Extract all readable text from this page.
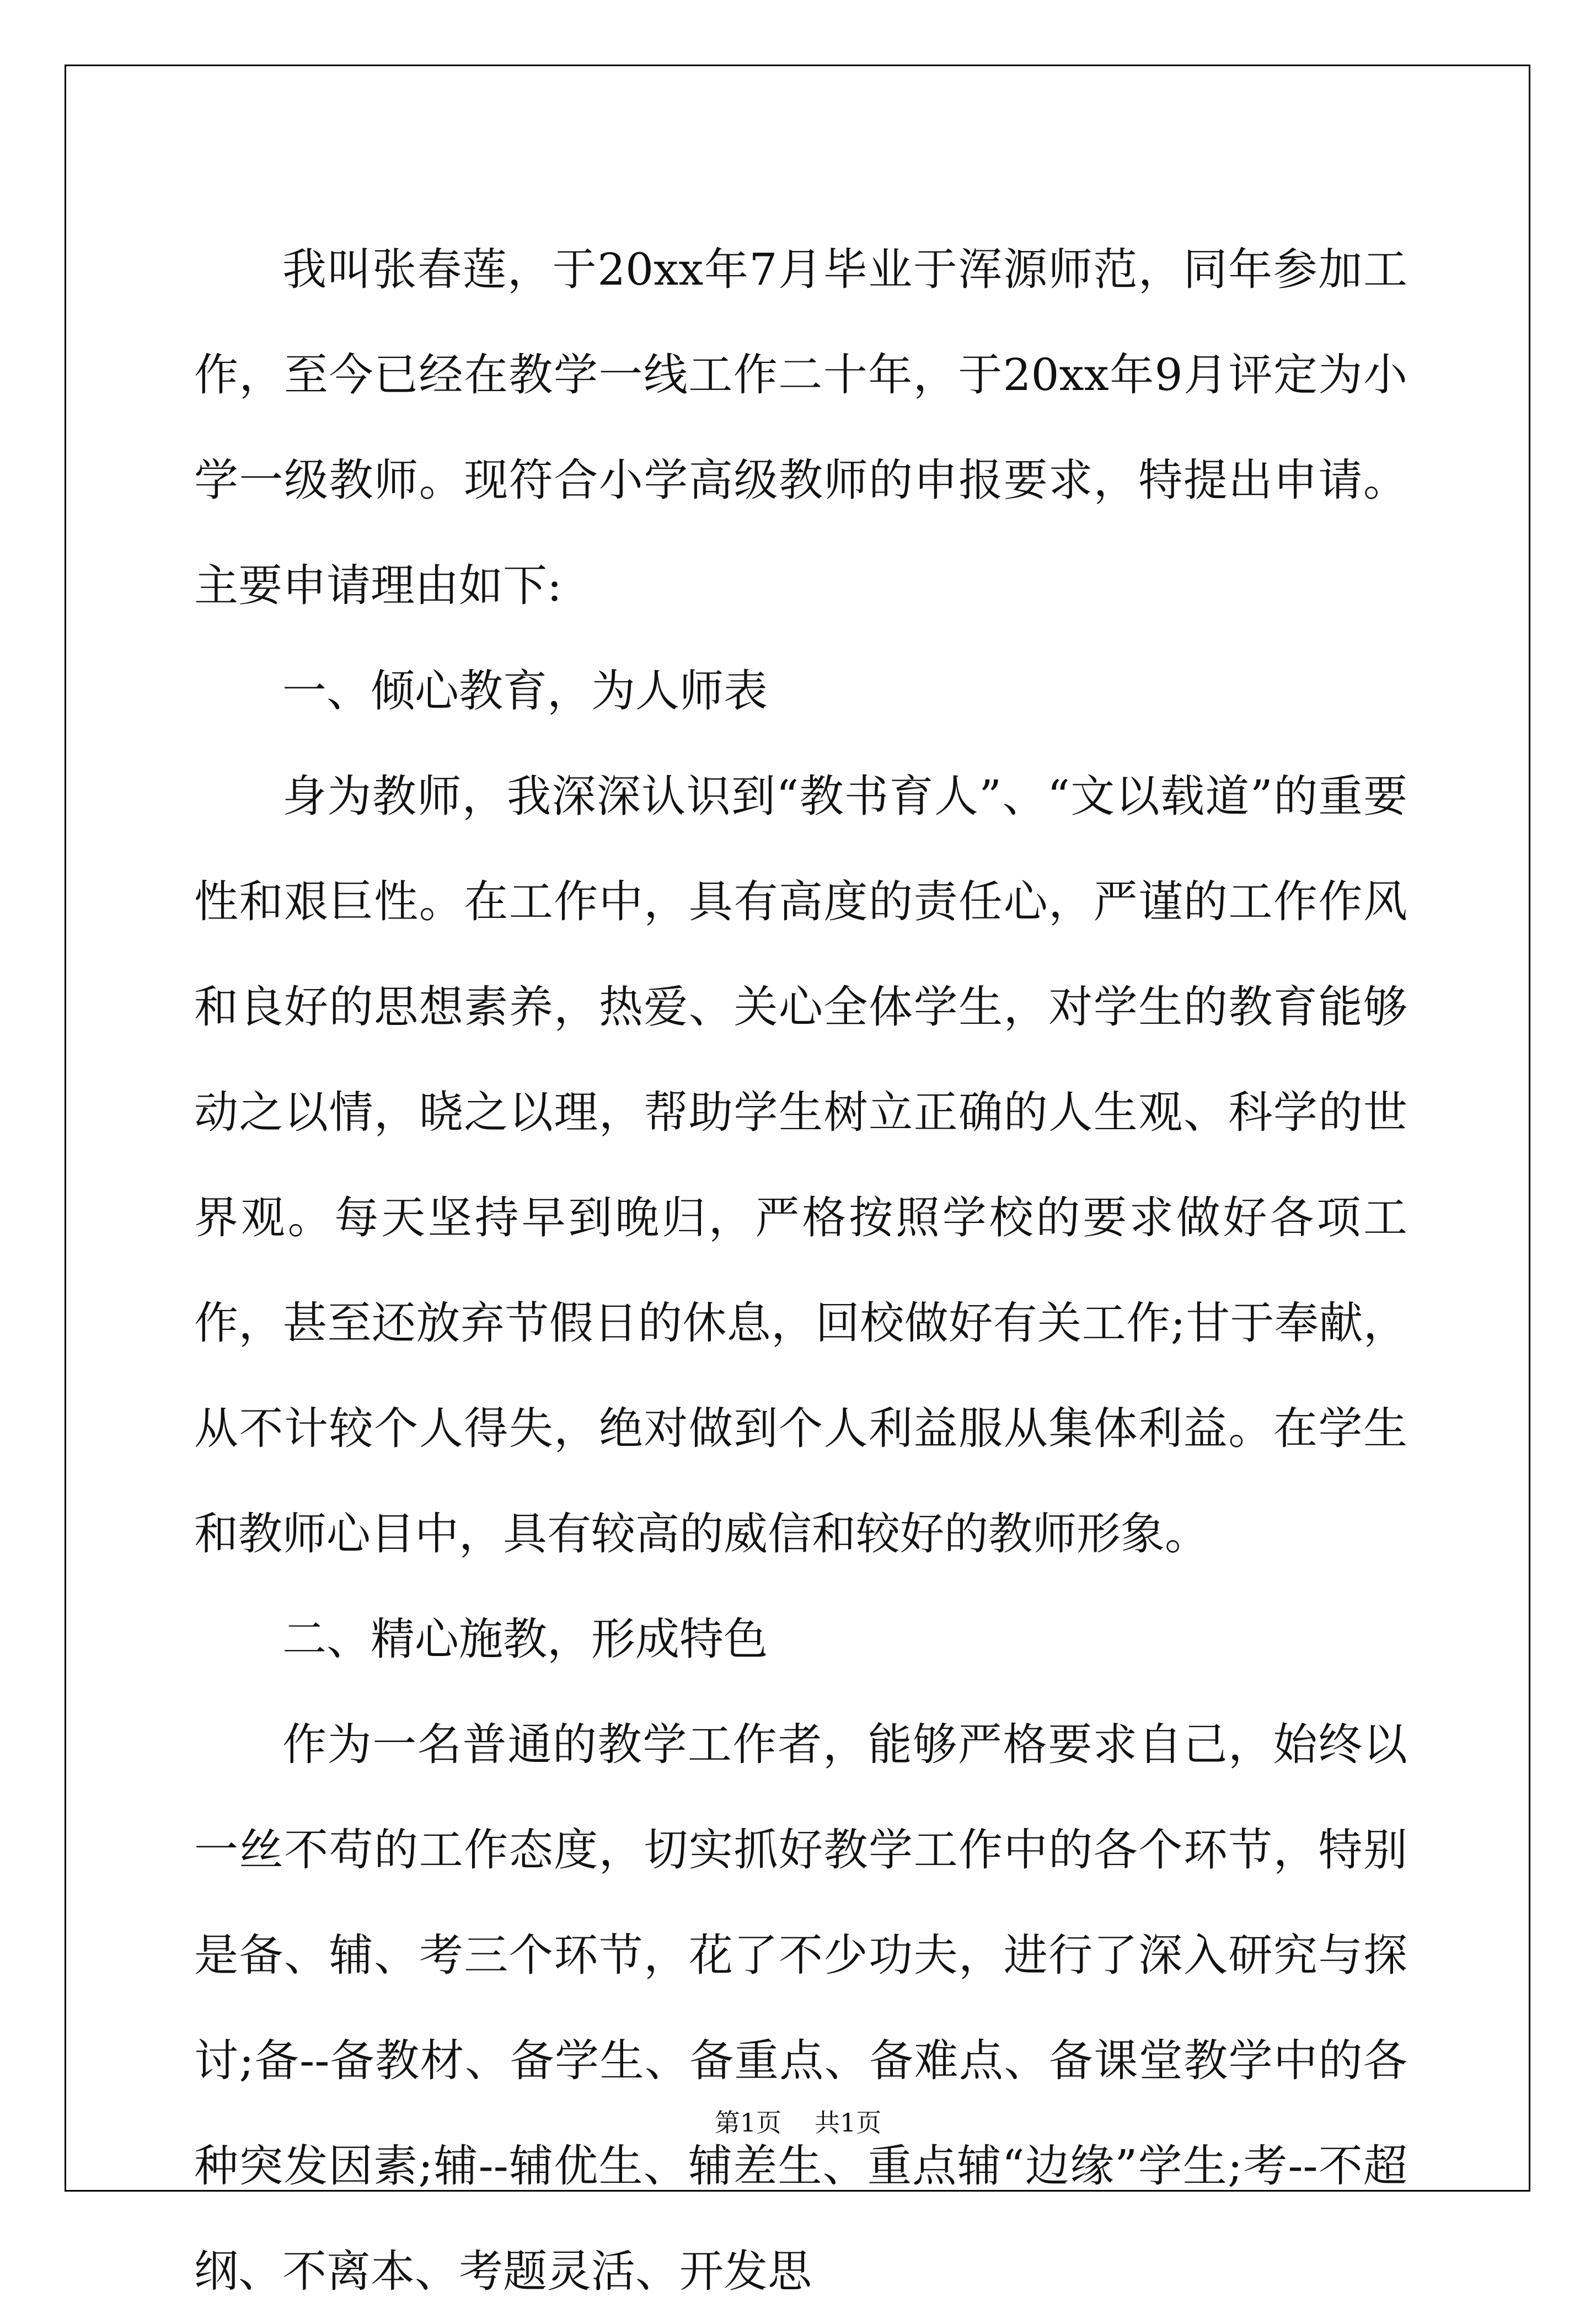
我叫张春莲，于20xx年7月毕业于浑源师范，同年参加工作，至今已经在教学一线工作二十年，于20xx年9月评定为小学一级教师。现符合小学高级教师的申报要求，特提出申请。主要申请理由如下:
一、倾心教育，为人师表
身为教师，我深深认识到“教书育人”、“文以载道”的重要性和艰巨性。在工作中，具有高度的责任心，严谨的工作作风和良好的思想素养，热爱、关心全体学生，对学生的教育能够动之以情，晓之以理，帮助学生树立正确的人生观、科学的世界观。每天坚持早到晚归，严格按照学校的要求做好各项工作，甚至还放弃节假日的休息，回校做好有关工作;甘于奉献，从不计较个人得失，绝对做到个人利益服从集体利益。在学生和教师心目中，具有较高的威信和较好的教师形象。
二、精心施教，形成特色
作为一名普通的教学工作者，能够严格要求自己，始终以一丝不苟的工作态度，切实抓好教学工作中的各个环节，特别是备、辅、考三个环节，花了不少功夫，进行了深入研究与探讨;备--备教材、备学生、备重点、备难点、备课堂教学中的各种突发因素;辅--辅优生、辅差生、重点辅“边缘”学生;考--不超纲、不离本、考题灵活、开发思
第1页 共1页
